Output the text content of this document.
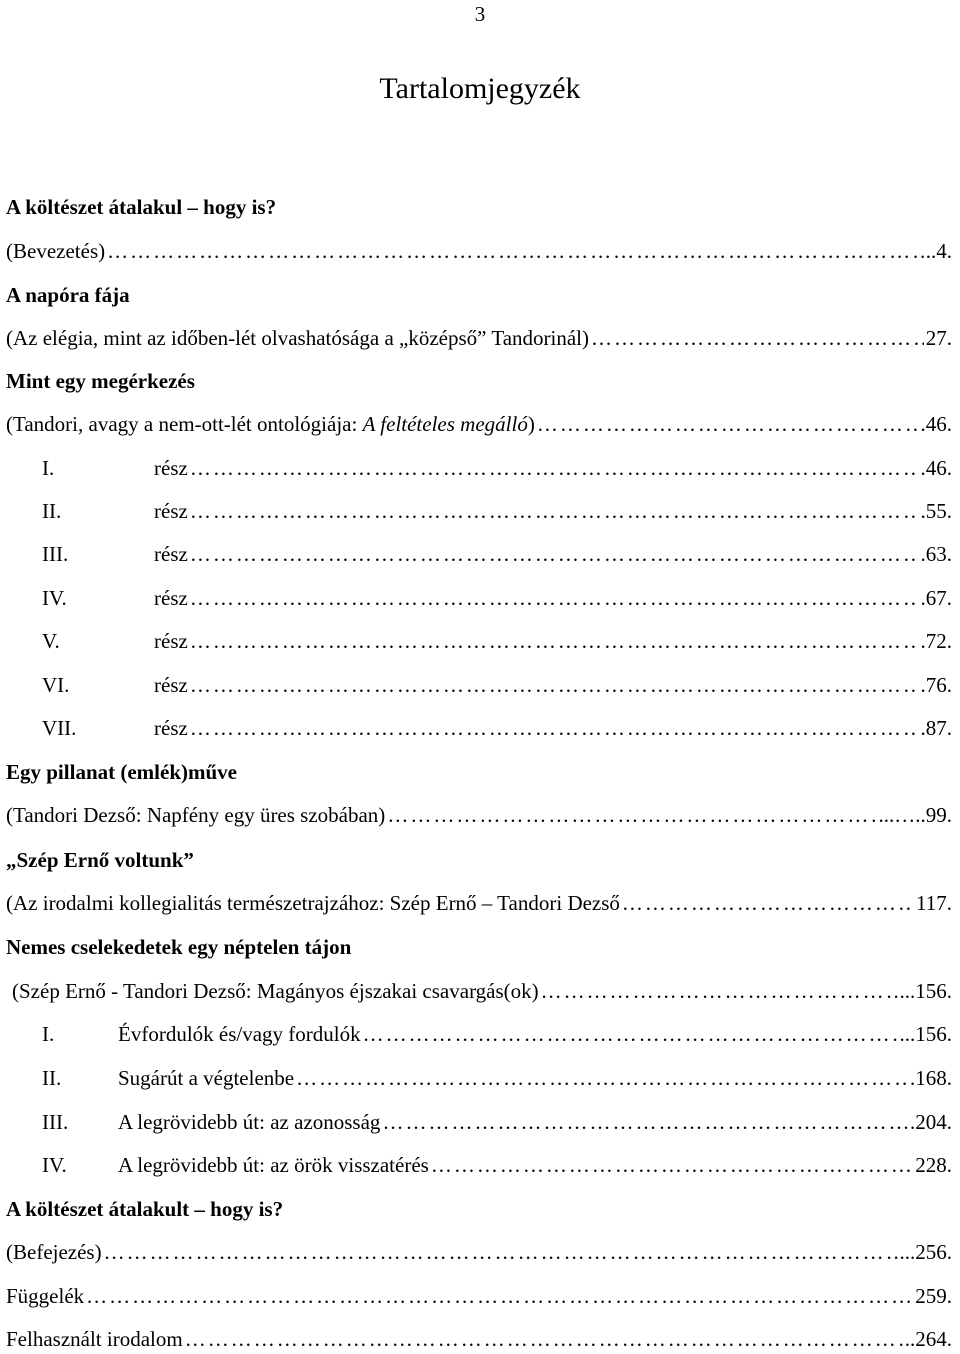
3
Tartalomjegyzék
A költészet átalakul – hogy is?
(Bevezetés) ………………………………………………………………………………………………………………………………………………………………………………………………………………	..4.
A napóra fája
(Az elégia, mint az időben-lét olvashatósága a „középső” Tandorinál) ………………………………………………………………………………………………………………………………………………………………………………………………………………	27.
Mint egy megérkezés
(Tandori, avagy a nem-ott-lét ontológiája: A feltételes megálló) ………………………………………………………………………………………………………………………………………………………………………………………………………………	.46.
I.	rész ………………………………………………………………………………………………………………………………………………………………………………………………………………	.46.
II.	rész ………………………………………………………………………………………………………………………………………………………………………………………………………………	.55.
III.	rész ………………………………………………………………………………………………………………………………………………………………………………………………………………	.63.
IV.	rész ………………………………………………………………………………………………………………………………………………………………………………………………………………	.67.
V.	rész ………………………………………………………………………………………………………………………………………………………………………………………………………………	.72.
VI.	rész ………………………………………………………………………………………………………………………………………………………………………………………………………………	.76.
VII.	rész ………………………………………………………………………………………………………………………………………………………………………………………………………………	.87.
Egy pillanat (emlék)műve
(Tandori Dezső: Napfény egy üres szobában) ………………………………………………………………………………………………………………………………………………………………………………………………………………	...…..99.
„Szép Ernő voltunk”
(Az irodalmi kollegialitás természetrajzához: Szép Ernő – Tandori Dezső ………………………………………………………………………………………………………………………………………………………………………………………………………………	117.
Nemes cselekedetek egy néptelen tájon
(Szép Ernő - Tandori Dezső: Magányos éjszakai csavargás(ok) ………………………………………………………………………………………………………………………………………………………………………………………………………………	...156.
I.	Évfordulók és/vagy fordulók ………………………………………………………………………………………………………………………………………………………………………………………………………………	...156.
II.	Sugárút a végtelenbe ………………………………………………………………………………………………………………………………………………………………………………………………………………	.168.
III. A legrövidebb út: az azonosság ………………………………………………………………………………………………………………………………………………………………………………………………………………	.204.
IV. A legrövidebb út: az örök visszatérés ………………………………………………………………………………………………………………………………………………………………………………………………………………	228.
A költészet átalakult – hogy is?
(Befejezés) ………………………………………………………………………………………………………………………………………………………………………………………………………………	...256.
Függelék ………………………………………………………………………………………………………………………………………………………………………………………………………………	259.
Felhasznált irodalom ………………………………………………………………………………………………………………………………………………………………………………………………………………	..264.
